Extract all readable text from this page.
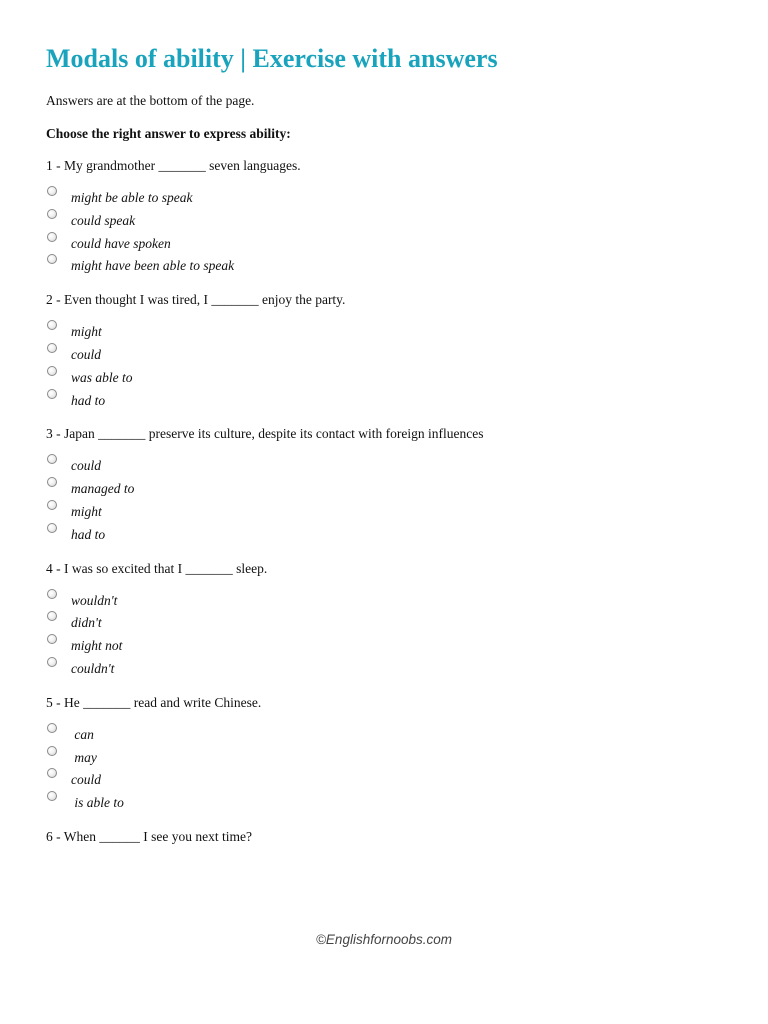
Modals of ability | Exercise with answers
Answers are at the bottom of the page.
Choose the right answer to express ability:
1 - My grandmother _______ seven languages.
might be able to speak
could speak
could have spoken
might have been able to speak
2 - Even thought I was tired, I _______ enjoy the party.
might
could
was able to
had to
3 - Japan _______ preserve its culture, despite its contact with foreign influences
could
managed to
might
had to
4 - I was so excited that I _______ sleep.
wouldn't
didn't
might not
couldn't
5 - He _______ read and write Chinese.
can
may
could
is able to
6 - When ______ I see you next time?
©Englishfornoobs.com
